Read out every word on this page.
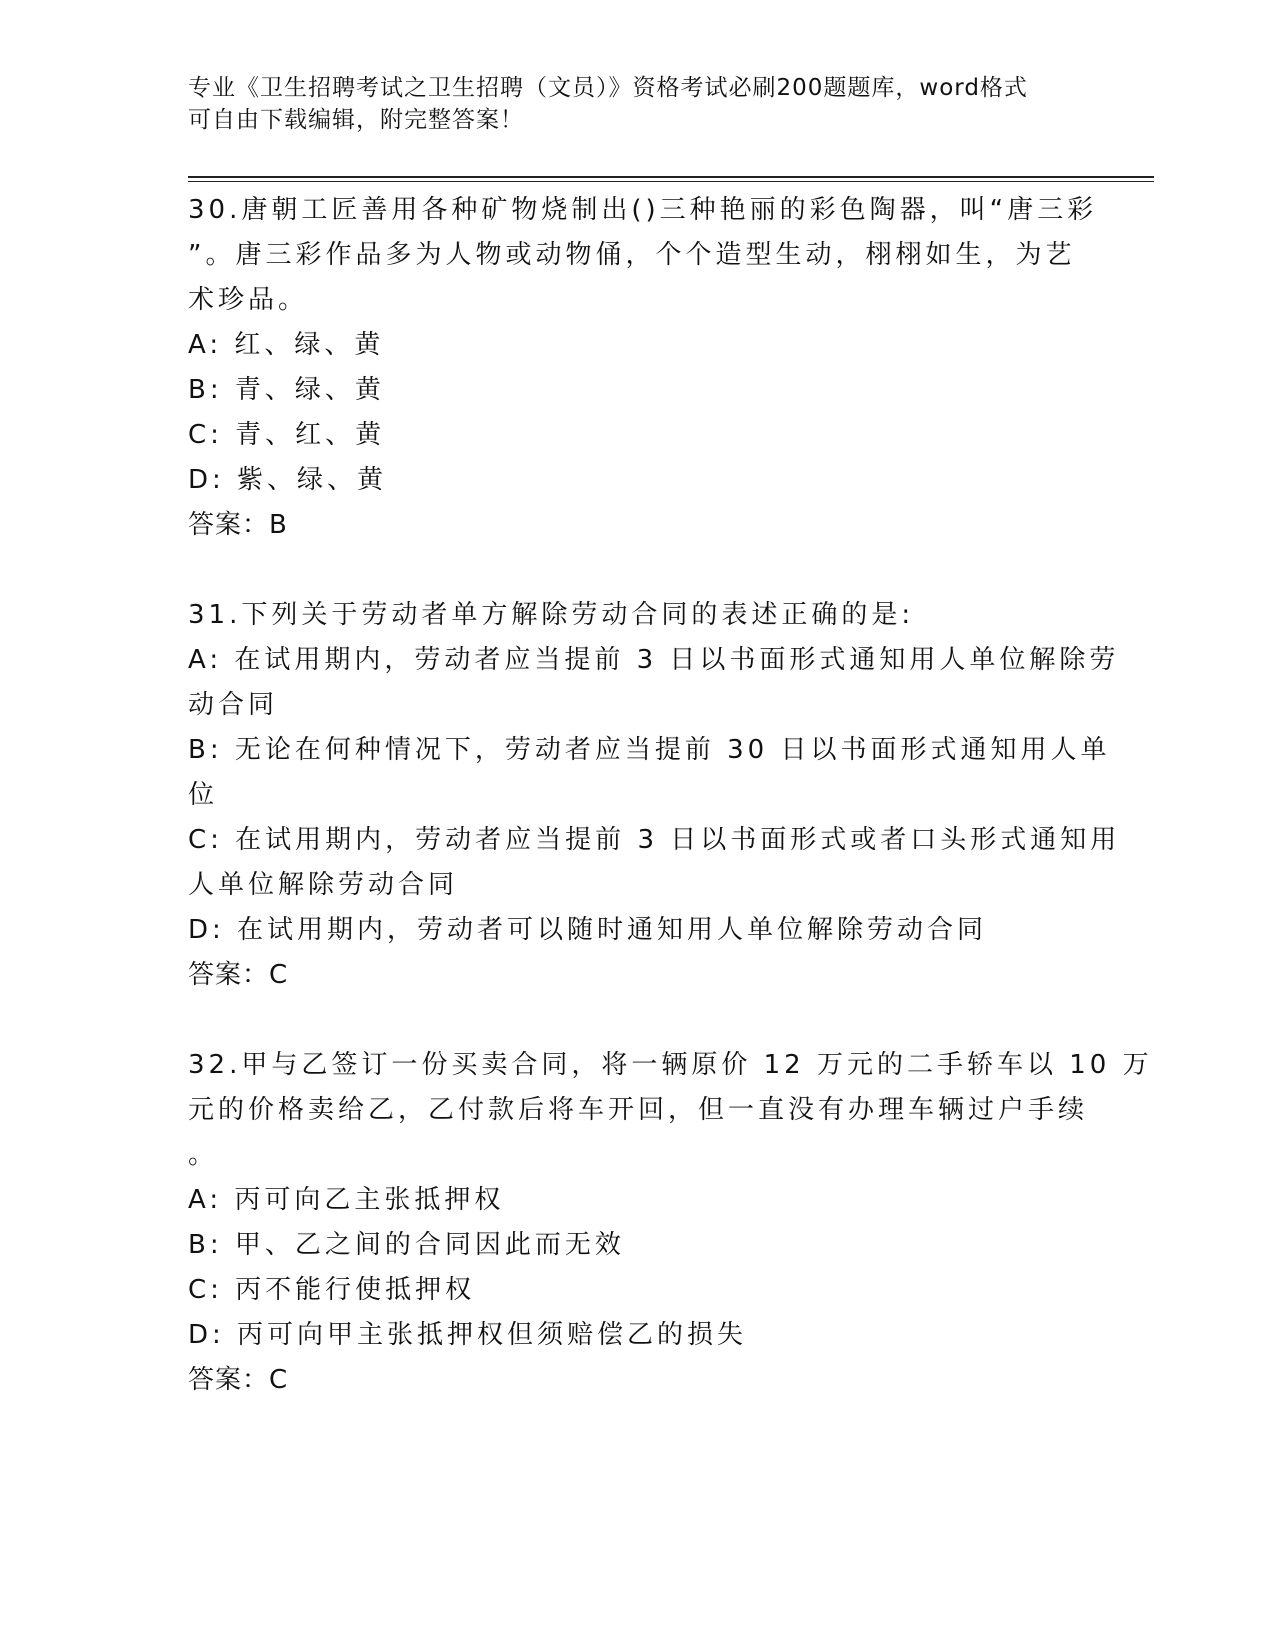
专业《卫生招聘考试之卫生招聘（文员）》资格考试必刷200题题库，word格式
可自由下载编辑，附完整答案！
30.唐朝工匠善用各种矿物烧制出()三种艳丽的彩色陶器，叫“唐三彩
”。唐三彩作品多为人物或动物俑，个个造型生动，栩栩如生，为艺
术珍品。
A: 红、绿、黄
B: 青、绿、黄
C: 青、红、黄
D: 紫、绿、黄
答案：B
31.下列关于劳动者单方解除劳动合同的表述正确的是:
A: 在试用期内，劳动者应当提前 3 日以书面形式通知用人单位解除劳
动合同
B: 无论在何种情况下，劳动者应当提前 30 日以书面形式通知用人单
位
C: 在试用期内，劳动者应当提前 3 日以书面形式或者口头形式通知用
人单位解除劳动合同
D: 在试用期内，劳动者可以随时通知用人单位解除劳动合同
答案：C
32.甲与乙签订一份买卖合同，将一辆原价 12 万元的二手轿车以 10 万
元的价格卖给乙，乙付款后将车开回，但一直没有办理车辆过户手续
。
A: 丙可向乙主张抵押权
B: 甲、乙之间的合同因此而无效
C: 丙不能行使抵押权
D: 丙可向甲主张抵押权但须赔偿乙的损失
答案：C
